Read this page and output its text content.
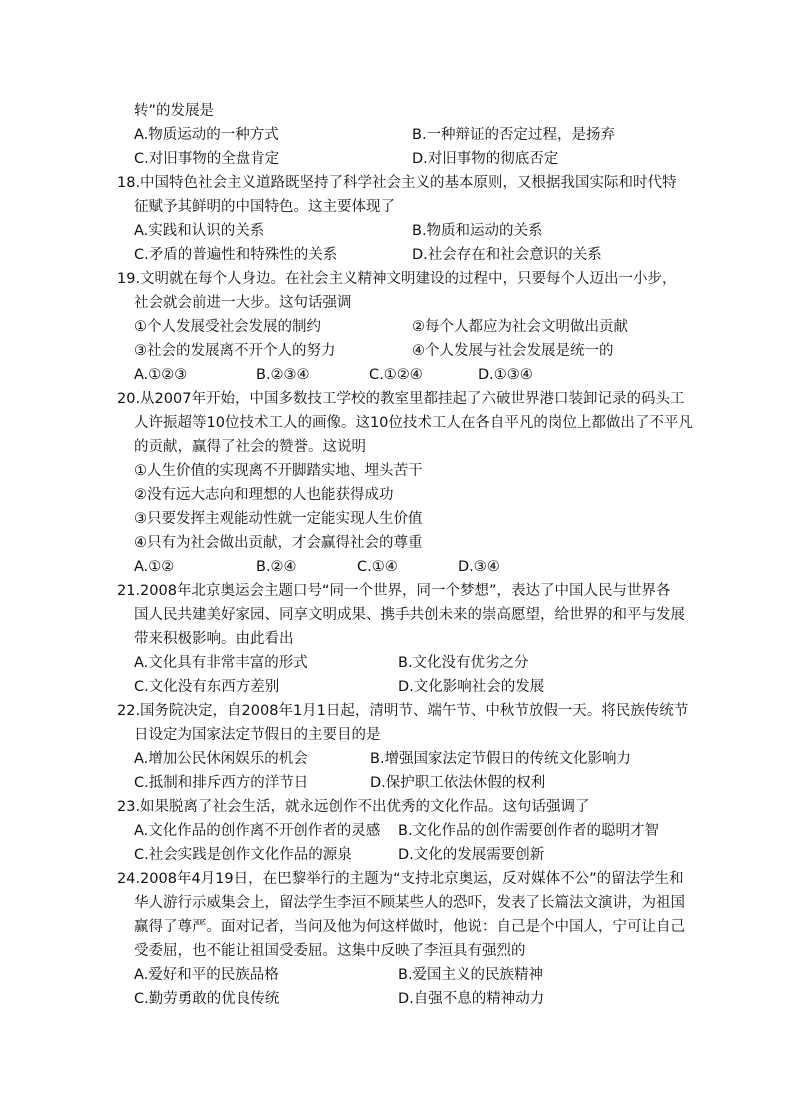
转”的发展是
A.物质运动的一种方式	B.一种辩证的否定过程，是扬弃
C.对旧事物的全盘肯定	D.对旧事物的彻底否定
18.中国特色社会主义道路既坚持了科学社会主义的基本原则，又根据我国实际和时代特
征赋予其鲜明的中国特色。这主要体现了
A.实践和认识的关系	B.物质和运动的关系
C.矛盾的普遍性和特殊性的关系	D.社会存在和社会意识的关系
19.文明就在每个人身边。在社会主义精神文明建设的过程中，只要每个人迈出一小步，
社会就会前进一大步。这句话强调
①个人发展受社会发展的制约	②每个人都应为社会文明做出贡献
③社会的发展离不开个人的努力	④个人发展与社会发展是统一的
A.①②③	B.②③④	C.①②④	D.①③④
20.从2007年开始，中国多数技工学校的教室里都挂起了六破世界港口装卸记录的码头工
人许振超等10位技术工人的画像。这10位技术工人在各自平凡的岗位上都做出了不平凡
的贡献，赢得了社会的赞誉。这说明
①人生价值的实现离不开脚踏实地、埋头苦干
②没有远大志向和理想的人也能获得成功
③只要发挥主观能动性就一定能实现人生价值
④只有为社会做出贡献，才会赢得社会的尊重
A.①②	B.②④	C.①④	D.③④
21.2008年北京奥运会主题口号“同一个世界，同一个梦想”，表达了中国人民与世界各
国人民共建美好家园、同享文明成果、携手共创未来的崇高愿望，给世界的和平与发展
带来积极影响。由此看出
A.文化具有非常丰富的形式	B.文化没有优劣之分
C.文化没有东西方差别	D.文化影响社会的发展
22.国务院决定，自2008年1月1日起，清明节、端午节、中秋节放假一天。将民族传统节
日设定为国家法定节假日的主要目的是
A.增加公民休闲娱乐的机会	B.增强国家法定节假日的传统文化影响力
C.抵制和排斥西方的洋节日	D.保护职工依法休假的权利
23.如果脱离了社会生活，就永远创作不出优秀的文化作品。这句话强调了
A.文化作品的创作离不开创作者的灵感 B.文化作品的创作需要创作者的聪明才智
C.社会实践是创作文化作品的源泉	D.文化的发展需要创新
24.2008年4月19日，在巴黎举行的主题为“支持北京奥运，反对媒体不公”的留法学生和
华人游行示威集会上，留法学生李洹不顾某些人的恐吓，发表了长篇法文演讲，为祖国
赢得了尊严。面对记者，当问及他为何这样做时，他说：自己是个中国人，宁可让自己
受委屈，也不能让祖国受委屈。这集中反映了李洹具有强烈的
A.爱好和平的民族品格	B.爱国主义的民族精神
C.勤劳勇敢的优良传统	D.自强不息的精神动力
